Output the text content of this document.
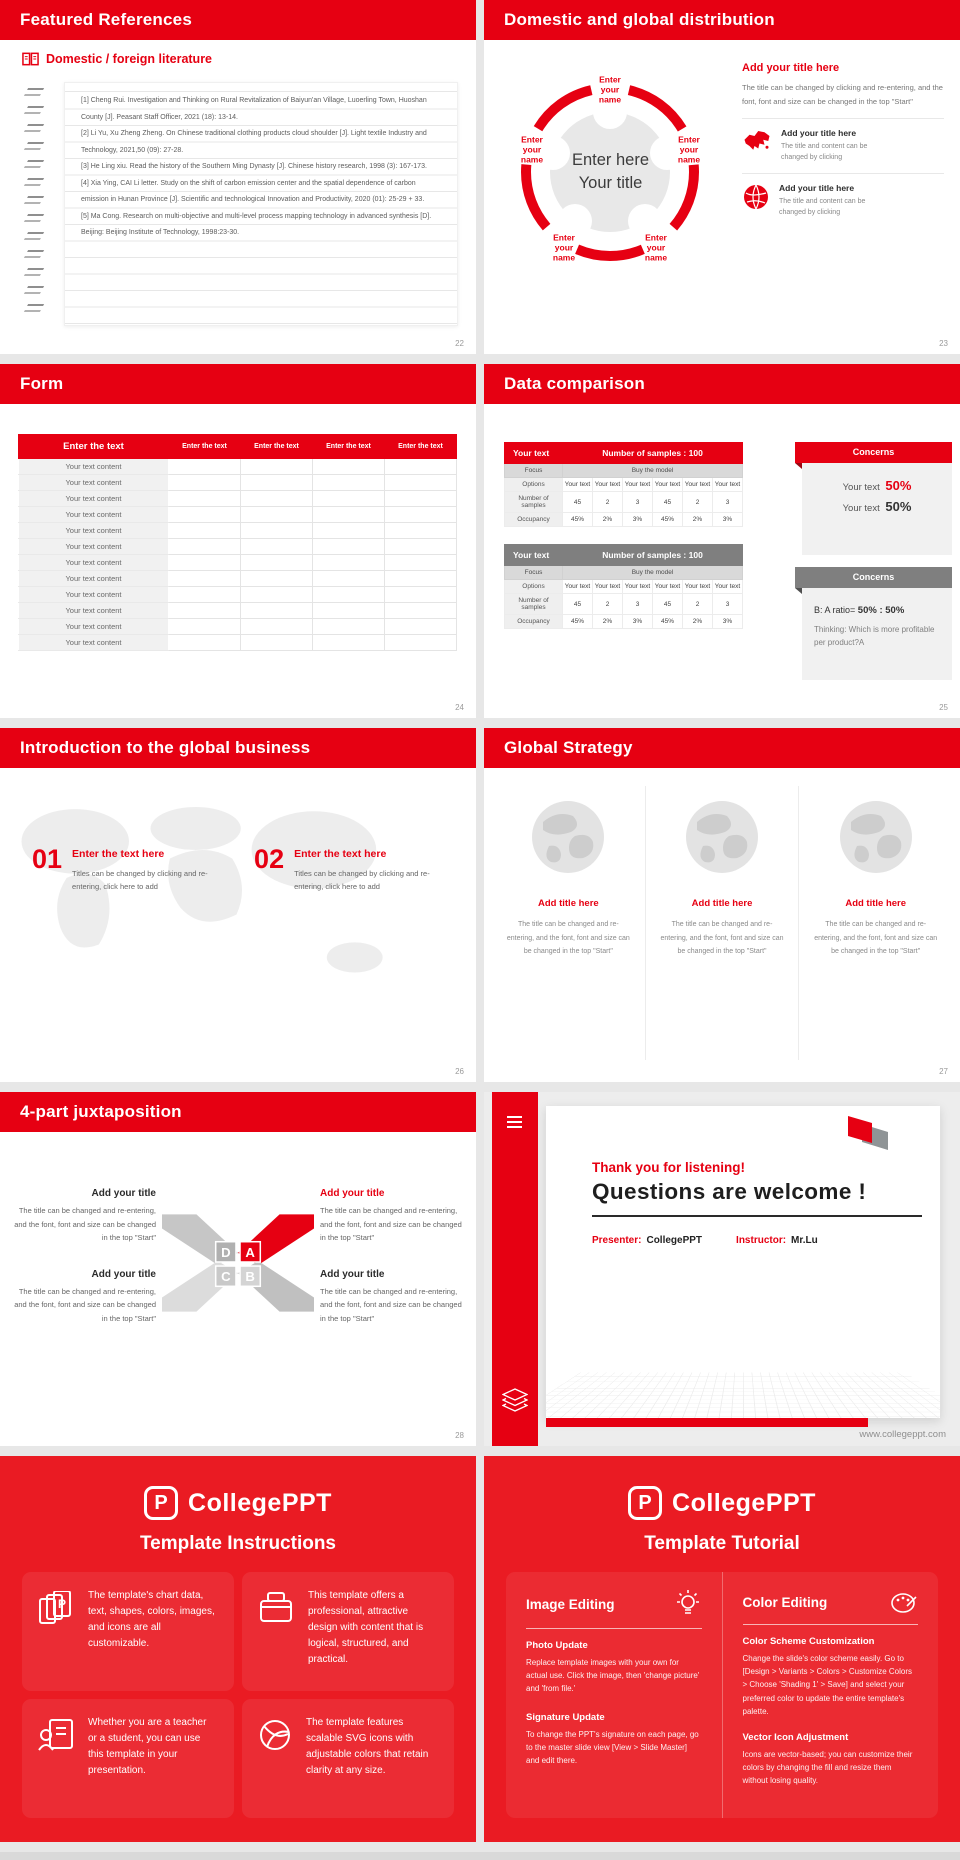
Featured References
Domestic / foreign literature
[1] Cheng Rui. Investigation and Thinking on Rural Revitalization of Baiyun'an Village, Luoerling Town, Huoshan County [J]. Peasant Staff Officer, 2021 (18): 13-14.
[2] Li Yu, Xu Zheng Zheng. On Chinese traditional clothing products cloud shoulder [J]. Light textile Industry and Technology, 2021,50 (09): 27-28.
[3] He Ling xiu. Read the history of the Southern Ming Dynasty [J]. Chinese history research, 1998 (3): 167-173.
[4] Xia Ying, CAI Li letter. Study on the shift of carbon emission center and the spatial dependence of carbon emission in Hunan Province [J]. Scientific and technological Innovation and Productivity, 2020 (01): 25-29 + 33.
[5] Ma Cong. Research on multi-objective and multi-level process mapping technology in advanced synthesis [D]. Beijing: Beijing Institute of Technology, 1998:23-30.
22
Domestic and global distribution
Enter here
Your title
Enter your name
Enter your name
Enter your name
Enter your name
Enter your name
Add your title here
The title can be changed by clicking and re-entering, and the font, font and size can be changed in the top "Start"
Add your title here
The title and content can be changed by clicking
Add your title here
The title and content can be changed by clicking
23
Form
Enter the text	Enter the text	Enter the text	Enter the text	Enter the text
Your text content				
Your text content				
Your text content				
Your text content				
Your text content				
Your text content				
Your text content				
Your text content				
Your text content				
Your text content				
Your text content				
Your text content				
24
Data comparison
Your text	Number of samples : 100					
Focus	Buy the model					
Options	Your text	Your text	Your text	Your text	Your text	Your text
Number of samples	45	2	3	45	2	3
Occupancy	45%	2%	3%	45%	2%	3%
Your text	Number of samples : 100					
Focus	Buy the model					
Options	Your text	Your text	Your text	Your text	Your text	Your text
Number of samples	45	2	3	45	2	3
Occupancy	45%	2%	3%	45%	2%	3%
Concerns
Your text 50%
Your text 50%
Concerns
B: A ratio= 50% : 50%
Thinking: Which is more profitable per product?A
25
Introduction to the global business
01 Enter the text here
Titles can be changed by clicking and re-entering, click here to add
02 Enter the text here
Titles can be changed by clicking and re-entering, click here to add
26
Global Strategy
Add title here
The title can be changed and re-entering, and the font, font and size can be changed in the top "Start"
Add title here
The title can be changed and re-entering, and the font, font and size can be changed in the top "Start"
Add title here
The title can be changed and re-entering, and the font, font and size can be changed in the top "Start"
27
4-part juxtaposition
Add your title
The title can be changed and re-entering, and the font, font and size can be changed in the top "Start"
Add your title
The title can be changed and re-entering, and the font, font and size can be changed in the top "Start"
D A
C B
Add your title
The title can be changed and re-entering, and the font, font and size can be changed in the top "Start"
Add your title
The title can be changed and re-entering, and the font, font and size can be changed in the top "Start"
28
Thank you for listening!
Questions are welcome !
Presenter: CollegePPT	Instructor: Mr.Lu
www.collegeppt.com
P CollegePPT
Template Instructions
P
The template's chart data, text, shapes, colors, images, and icons are all customizable.
This template offers a professional, attractive design with content that is logical, structured, and practical.
Whether you are a teacher or a student, you can use this template in your presentation.
The template features scalable SVG icons with adjustable colors that retain clarity at any size.
P CollegePPT
Template Tutorial
Image Editing
Photo Update
Replace template images with your own for actual use. Click the image, then 'change picture' and 'from file.'
Signature Update
To change the PPT's signature on each page, go to the master slide view [View > Slide Master] and edit there.
Color Editing
Color Scheme Customization
Change the slide's color scheme easily. Go to [Design > Variants > Colors > Customize Colors > Choose 'Shading 1' > Save] and select your preferred color to update the entire template's palette.
Vector Icon Adjustment
Icons are vector-based; you can customize their colors by changing the fill and resize them without losing quality.
